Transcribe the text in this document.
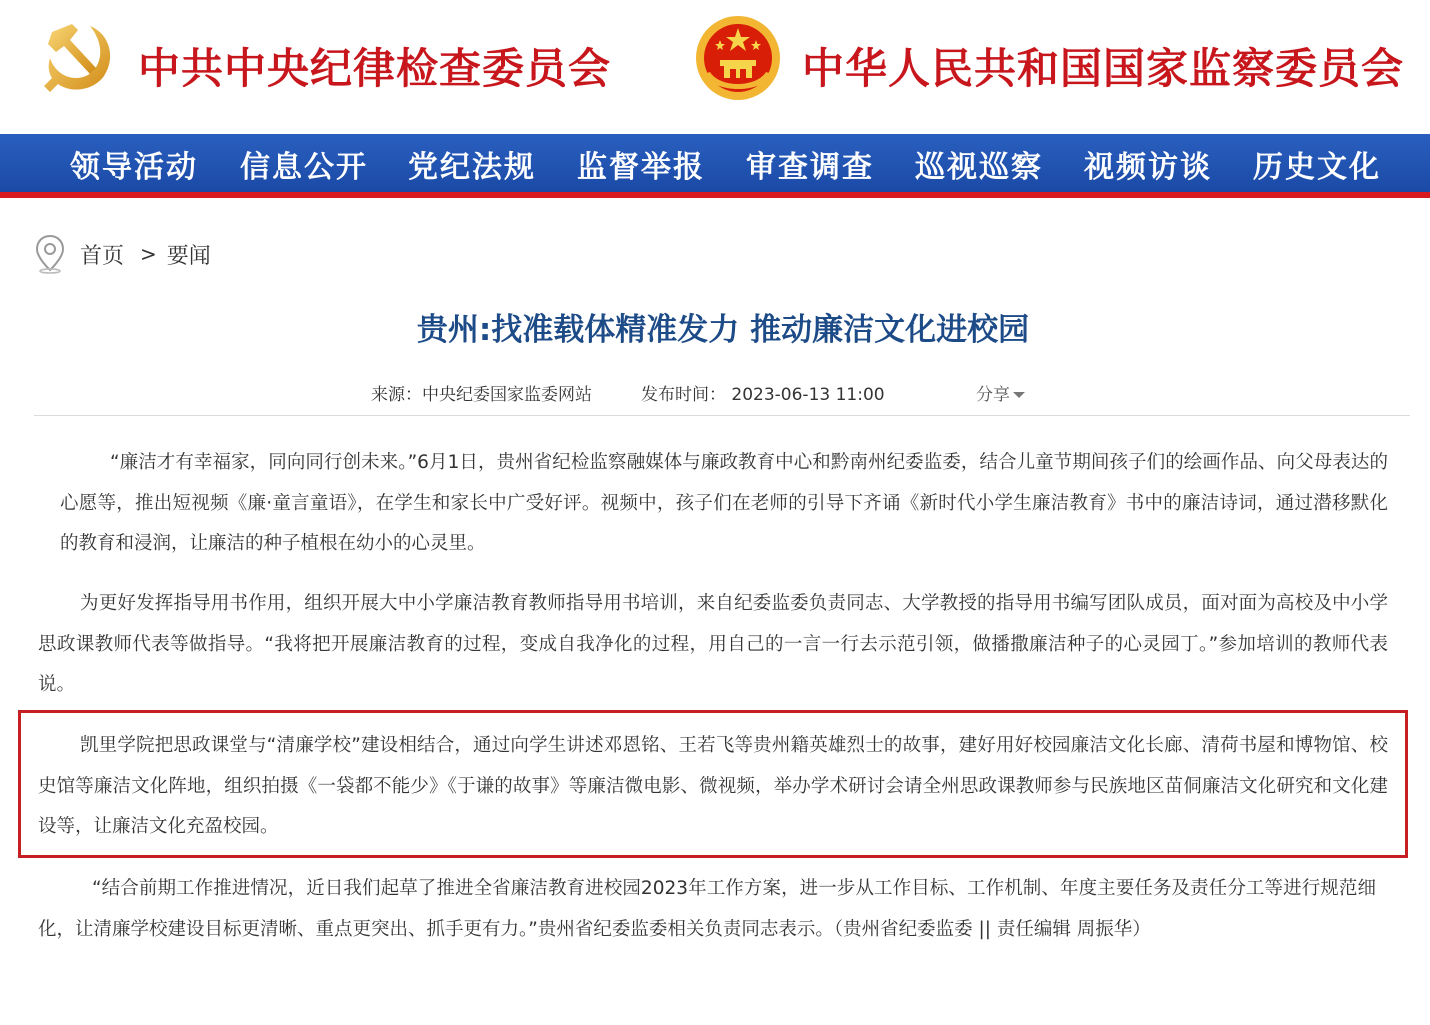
中共中央纪律检查委员会	中华人民共和国国家监察委员会
领导活动 信息公开 党纪法规 监督举报 审查调查 巡视巡察 视频访谈 历史文化
首页 > 要闻
贵州:找准载体精准发力 推动廉洁文化进校园
来源：中央纪委国家监委网站	发布时间： 2023-06-13 11:00	分享

“廉洁才有幸福家，同向同行创未来。”6月1日，贵州省纪检监察融媒体与廉政教育中心和黔南州纪委监委，结合儿童节期间孩子们的绘画作品、向父母表达的心愿等，推出短视频《廉·童言童语》，在学生和家长中广受好评。视频中，孩子们在老师的引导下齐诵《新时代小学生廉洁教育》书中的廉洁诗词，通过潜移默化的教育和浸润，让廉洁的种子植根在幼小的心灵里。

为更好发挥指导用书作用，组织开展大中小学廉洁教育教师指导用书培训，来自纪委监委负责同志、大学教授的指导用书编写团队成员，面对面为高校及中小学思政课教师代表等做指导。“我将把开展廉洁教育的过程，变成自我净化的过程，用自己的一言一行去示范引领，做播撒廉洁种子的心灵园丁。”参加培训的教师代表说。

凯里学院把思政课堂与“清廉学校”建设相结合，通过向学生讲述邓恩铭、王若飞等贵州籍英雄烈士的故事，建好用好校园廉洁文化长廊、清荷书屋和博物馆、校史馆等廉洁文化阵地，组织拍摄《一袋都不能少》《于谦的故事》等廉洁微电影、微视频，举办学术研讨会请全州思政课教师参与民族地区苗侗廉洁文化研究和文化建设等，让廉洁文化充盈校园。

“结合前期工作推进情况，近日我们起草了推进全省廉洁教育进校园2023年工作方案，进一步从工作目标、工作机制、年度主要任务及责任分工等进行规范细化，让清廉学校建设目标更清晰、重点更突出、抓手更有力。”贵州省纪委监委相关负责同志表示。（贵州省纪委监委 || 责任编辑 周振华）
